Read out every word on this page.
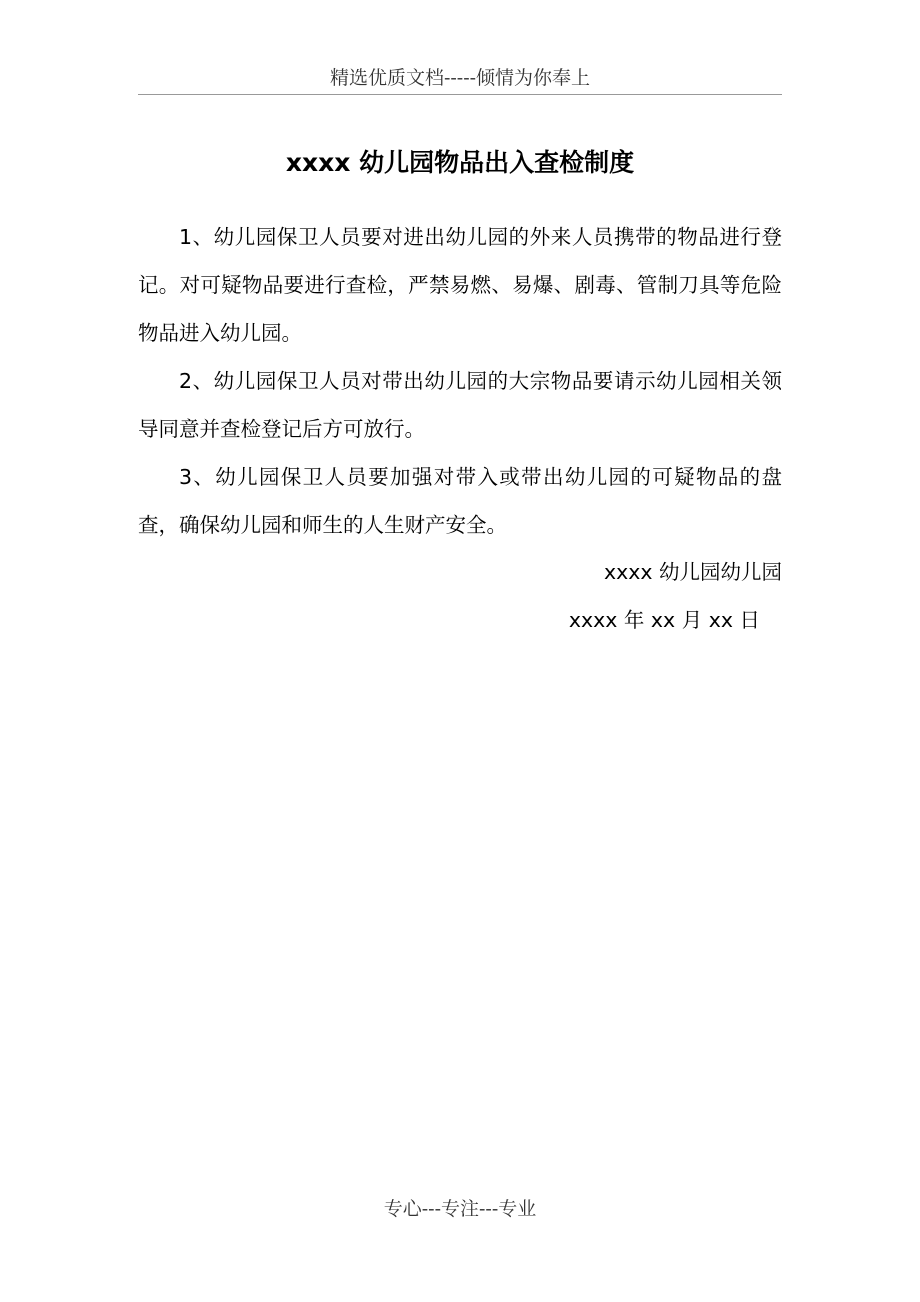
精选优质文档-----倾情为你奉上
xxxx 幼儿园物品出入查检制度

1、幼儿园保卫人员要对进出幼儿园的外来人员携带的物品进行登记。对可疑物品要进行查检，严禁易燃、易爆、剧毒、管制刀具等危险物品进入幼儿园。

2、幼儿园保卫人员对带出幼儿园的大宗物品要请示幼儿园相关领导同意并查检登记后方可放行。

3、幼儿园保卫人员要加强对带入或带出幼儿园的可疑物品的盘查，确保幼儿园和师生的人生财产安全。

xxxx 幼儿园幼儿园
xxxx 年 xx 月 xx 日
专心---专注---专业
